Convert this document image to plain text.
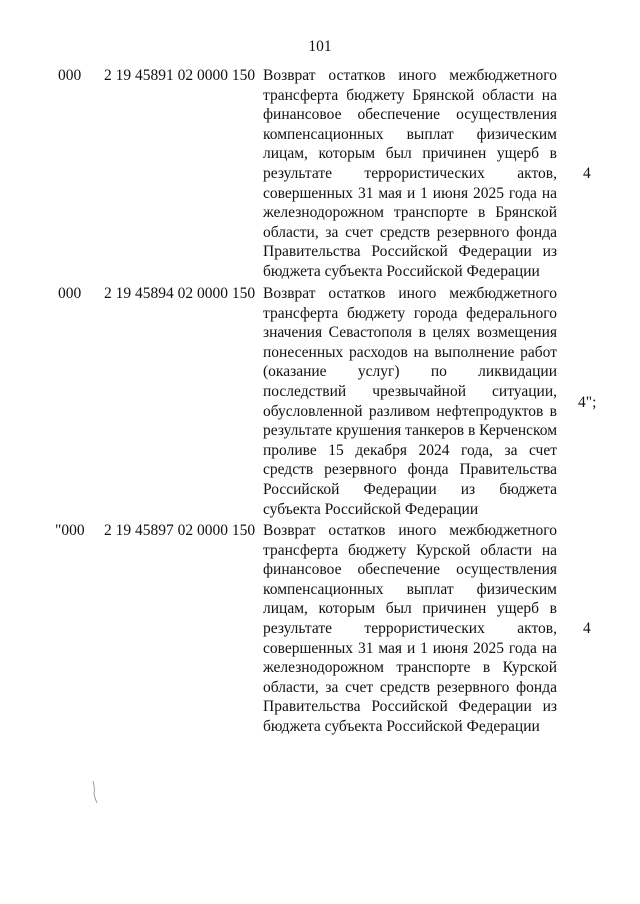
101
000 2 19 45891 02 0000 150 Возврат остатков иного межбюджетного трансферта бюджету Брянской области на финансовое обеспечение осуществления компенсационных выплат физическим лицам, которым был причинен ущерб в результате террористических актов, совершенных 31 мая и 1 июня 2025 года на железнодорожном транспорте в Брянской области, за счет средств резервного фонда Правительства Российской Федерации из бюджета субъекта Российской Федерации
4
000 2 19 45894 02 0000 150 Возврат остатков иного межбюджетного трансферта бюджету города федерального значения Севастополя в целях возмещения понесенных расходов на выполнение работ (оказание услуг) по ликвидации последствий чрезвычайной ситуации, обусловленной разливом нефтепродуктов в результате крушения танкеров в Керченском проливе 15 декабря 2024 года, за счет средств резервного фонда Правительства Российской Федерации из бюджета субъекта Российской Федерации
4";
"000 2 19 45897 02 0000 150 Возврат остатков иного межбюджетного трансферта бюджету Курской области на финансовое обеспечение осуществления компенсационных выплат физическим лицам, которым был причинен ущерб в результате террористических актов, совершенных 31 мая и 1 июня 2025 года на железнодорожном транспорте в Курской области, за счет средств резервного фонда Правительства Российской Федерации из бюджета субъекта Российской Федерации
4
